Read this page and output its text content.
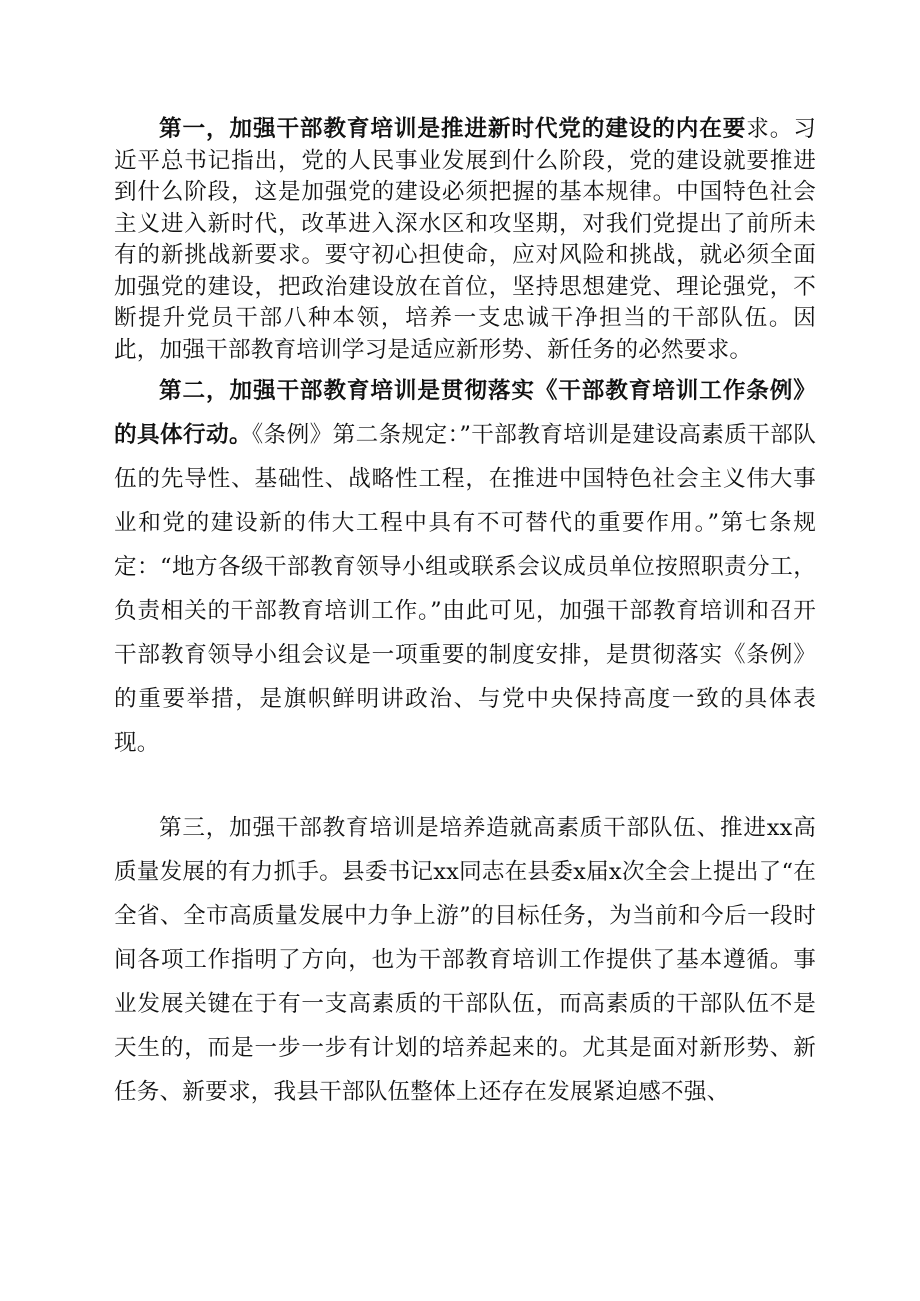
第一，加强干部教育培训是推进新时代党的建设的内在要求。习近平总书记指出，党的人民事业发展到什么阶段，党的建设就要推进到什么阶段，这是加强党的建设必须把握的基本规律。中国特色社会主义进入新时代，改革进入深水区和攻坚期，对我们党提出了前所未有的新挑战新要求。要守初心担使命，应对风险和挑战，就必须全面加强党的建设，把政治建设放在首位，坚持思想建党、理论强党，不断提升党员干部八种本领，培养一支忠诚干净担当的干部队伍。因此，加强干部教育培训学习是适应新形势、新任务的必然要求。

第二，加强干部教育培训是贯彻落实《干部教育培训工作条例》的具体行动。《条例》第二条规定：”干部教育培训是建设高素质干部队伍的先导性、基础性、战略性工程，在推进中国特色社会主义伟大事业和党的建设新的伟大工程中具有不可替代的重要作用。”第七条规定：“地方各级干部教育领导小组或联系会议成员单位按照职责分工，负责相关的干部教育培训工作。”由此可见，加强干部教育培训和召开干部教育领导小组会议是一项重要的制度安排，是贯彻落实《条例》的重要举措，是旗帜鲜明讲政治、与党中央保持高度一致的具体表现。

第三，加强干部教育培训是培养造就高素质干部队伍、推进xx高质量发展的有力抓手。县委书记xx同志在县委x届x次全会上提出了“在全省、全市高质量发展中力争上游”的目标任务，为当前和今后一段时间各项工作指明了方向，也为干部教育培训工作提供了基本遵循。事业发展关键在于有一支高素质的干部队伍，而高素质的干部队伍不是天生的，而是一步一步有计划的培养起来的。尤其是面对新形势、新任务、新要求，我县干部队伍整体上还存在发展紧迫感不强、
